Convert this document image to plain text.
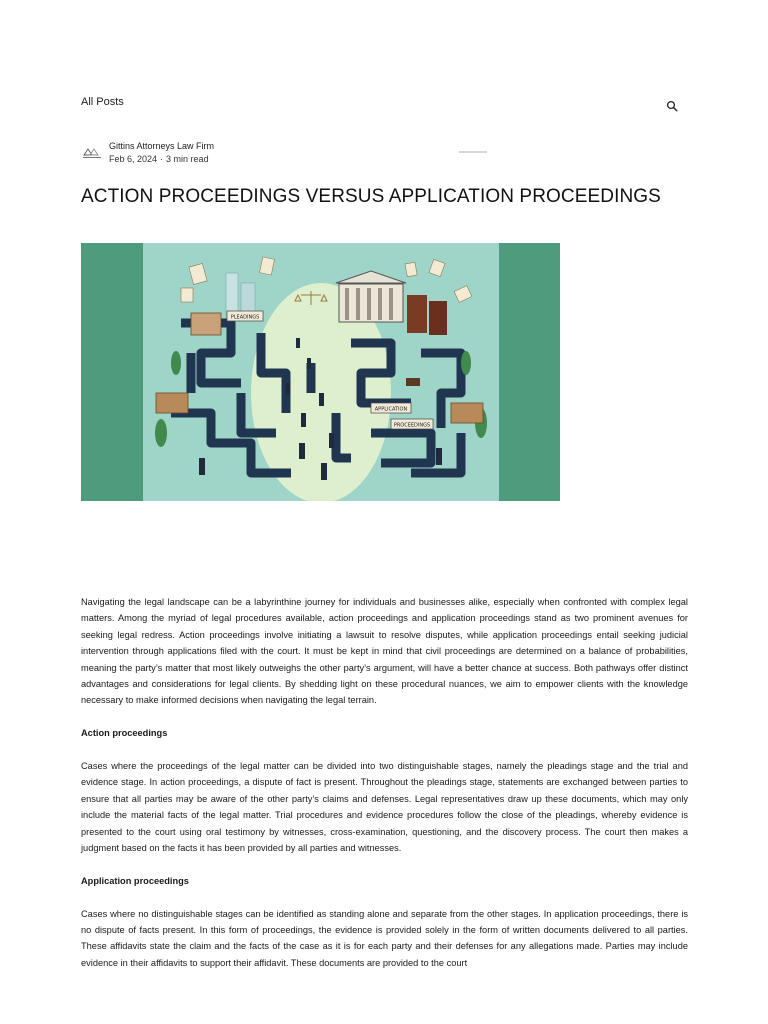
All Posts
Gittins Attorneys Law Firm
Feb 6, 2024 · 3 min read
ACTION PROCEEDINGS VERSUS APPLICATION PROCEEDINGS
PLEADINGS
APPLICATION
PROCEEDINGS

Navigating the legal landscape can be a labyrinthine journey for individuals and businesses alike, especially when confronted with complex legal matters. Among the myriad of legal procedures available, action proceedings and application proceedings stand as two prominent avenues for seeking legal redress. Action proceedings involve initiating a lawsuit to resolve disputes, while application proceedings entail seeking judicial intervention through applications filed with the court. It must be kept in mind that civil proceedings are determined on a balance of probabilities, meaning the party’s matter that most likely outweighs the other party’s argument, will have a better chance at success. Both pathways offer distinct advantages and considerations for legal clients. By shedding light on these procedural nuances, we aim to empower clients with the knowledge necessary to make informed decisions when navigating the legal terrain.

Action proceedings

Cases where the proceedings of the legal matter can be divided into two distinguishable stages, namely the pleadings stage and the trial and evidence stage. In action proceedings, a dispute of fact is present. Throughout the pleadings stage, statements are exchanged between parties to ensure that all parties may be aware of the other party’s claims and defenses. Legal representatives draw up these documents, which may only include the material facts of the legal matter. Trial procedures and evidence procedures follow the close of the pleadings, whereby evidence is presented to the court using oral testimony by witnesses, cross-examination, questioning, and the discovery process. The court then makes a judgment based on the facts it has been provided by all parties and witnesses.

Application proceedings

Cases where no distinguishable stages can be identified as standing alone and separate from the other stages. In application proceedings, there is no dispute of facts present. In this form of proceedings, the evidence is provided solely in the form of written documents delivered to all parties. These affidavits state the claim and the facts of the case as it is for each party and their defenses for any allegations made. Parties may include evidence in their affidavits to support their affidavit. These documents are provided to the court
